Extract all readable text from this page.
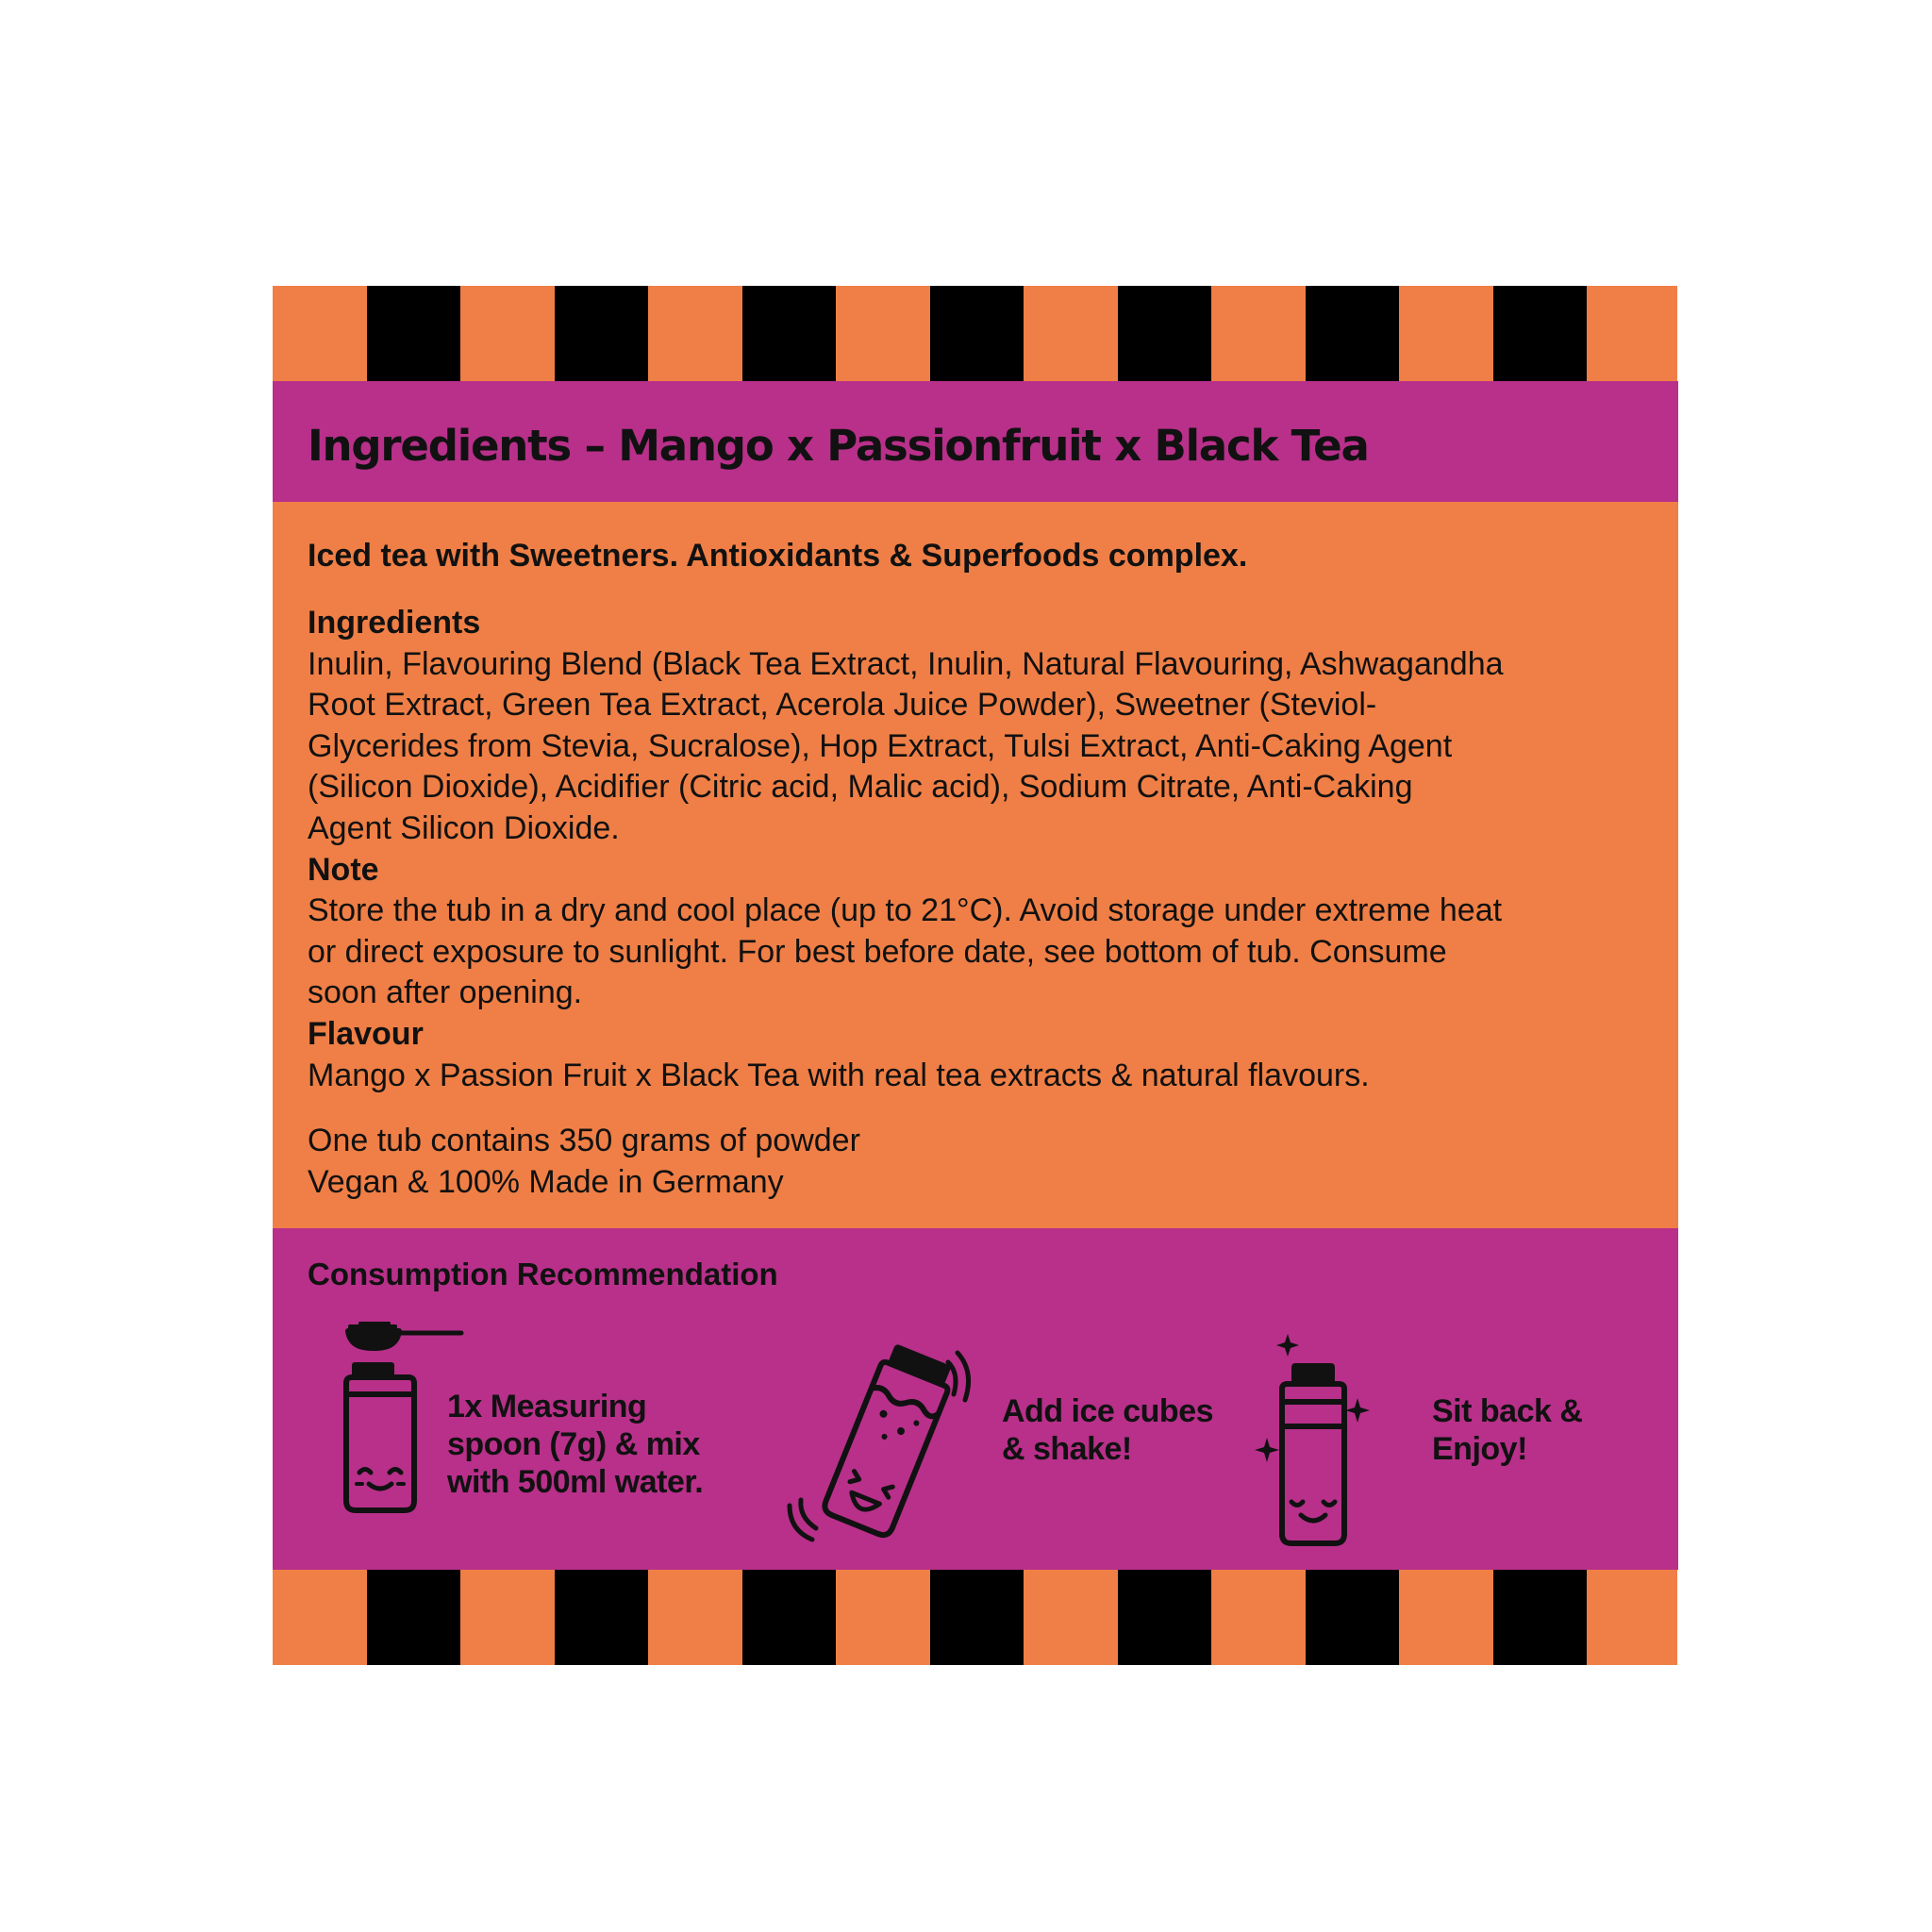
Ingredients – Mango x Passionfruit x Black Tea
Iced tea with Sweetners. Antioxidants & Superfoods complex.
Ingredients
Inulin, Flavouring Blend (Black Tea Extract, Inulin, Natural Flavouring, Ashwagandha
Root Extract, Green Tea Extract, Acerola Juice Powder), Sweetner (Steviol-
Glycerides from Stevia, Sucralose), Hop Extract, Tulsi Extract, Anti-Caking Agent
(Silicon Dioxide), Acidifier (Citric acid, Malic acid), Sodium Citrate, Anti-Caking
Agent Silicon Dioxide.
Note
Store the tub in a dry and cool place (up to 21°C). Avoid storage under extreme heat
or direct exposure to sunlight. For best before date, see bottom of tub. Consume
soon after opening.
Flavour
Mango x Passion Fruit x Black Tea with real tea extracts & natural flavours.
One tub contains 350 grams of powder
Vegan & 100% Made in Germany
Consumption Recommendation
1x Measuring
spoon (7g) & mix
with 500ml water.
Add ice cubes
& shake!
Sit back &
Enjoy!
